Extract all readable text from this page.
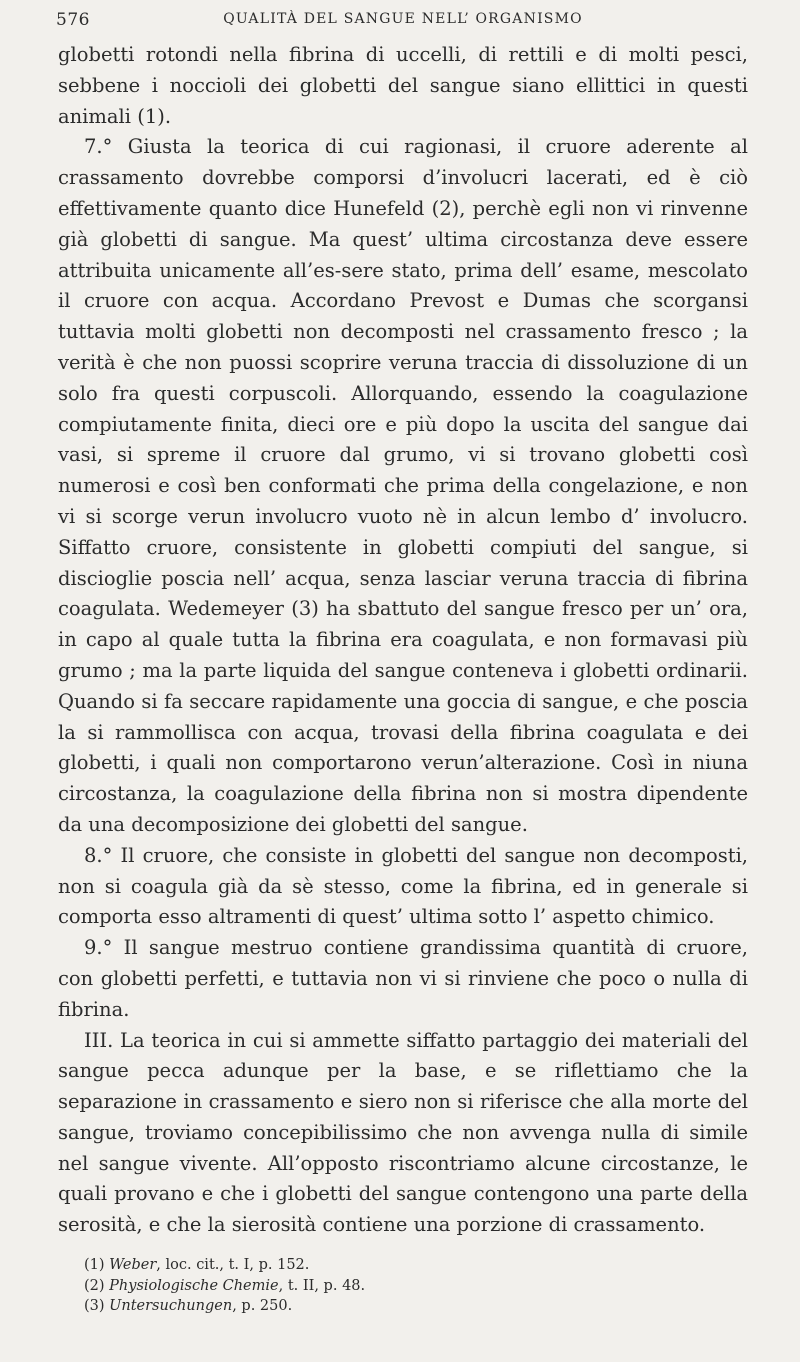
576	QUALITÀ DEL SANGUE NELL’ ORGANISMO

globetti rotondi nella fibrina di uccelli, di rettili e di molti pesci, sebbene i noccioli dei globetti del sangue siano ellittici in questi animali (1).

7.° Giusta la teorica di cui ragionasi, il cruore aderente al crassamento dovrebbe comporsi d’involucri lacerati, ed è ciò effettivamente quanto dice Hunefeld (2), perchè egli non vi rinvenne già globetti di sangue. Ma quest’ ultima circostanza deve essere attribuita unicamente all’es-sere stato, prima dell’ esame, mescolato il cruore con acqua. Accordano Prevost e Dumas che scorgansi tuttavia molti globetti non decomposti nel crassamento fresco ; la verità è che non puossi scoprire veruna traccia di dissoluzione di un solo fra questi corpuscoli. Allorquando, essendo la coagulazione compiutamente finita, dieci ore e più dopo la uscita del sangue dai vasi, si spreme il cruore dal grumo, vi si trovano globetti così numerosi e così ben conformati che prima della congelazione, e non vi si scorge verun involucro vuoto nè in alcun lembo d’ involucro. Siffatto cruore, consistente in globetti compiuti del sangue, si discioglie poscia nell’ acqua, senza lasciar veruna traccia di fibrina coagulata. Wedemeyer (3) ha sbattuto del sangue fresco per un’ ora, in capo al quale tutta la fibrina era coagulata, e non formavasi più grumo ; ma la parte liquida del sangue conteneva i globetti ordinarii. Quando si fa seccare rapidamente una goccia di sangue, e che poscia la si rammollisca con acqua, trovasi della fibrina coagulata e dei globetti, i quali non comportarono verun’alterazione. Così in niuna circostanza, la coagulazione della fibrina non si mostra dipendente da una decomposizione dei globetti del sangue.

8.° Il cruore, che consiste in globetti del sangue non decomposti, non si coagula già da sè stesso, come la fibrina, ed in generale si comporta esso altramenti di quest’ ultima sotto l’ aspetto chimico.

9.° Il sangue mestruo contiene grandissima quantità di cruore, con globetti perfetti, e tuttavia non vi si rinviene che poco o nulla di fibrina.

III. La teorica in cui si ammette siffatto partaggio dei materiali del sangue pecca adunque per la base, e se riflettiamo che la separazione in crassamento e siero non si riferisce che alla morte del sangue, troviamo concepibilissimo che non avvenga nulla di simile nel sangue vivente. All’opposto riscontriamo alcune circostanze, le quali provano e che i globetti del sangue contengono una parte della serosità, e che la sierosità contiene una porzione di crassamento.

(1) Weber, loc. cit., t. I, p. 152.
(2) Physiologische Chemie, t. II, p. 48.
(3) Untersuchungen, p. 250.
